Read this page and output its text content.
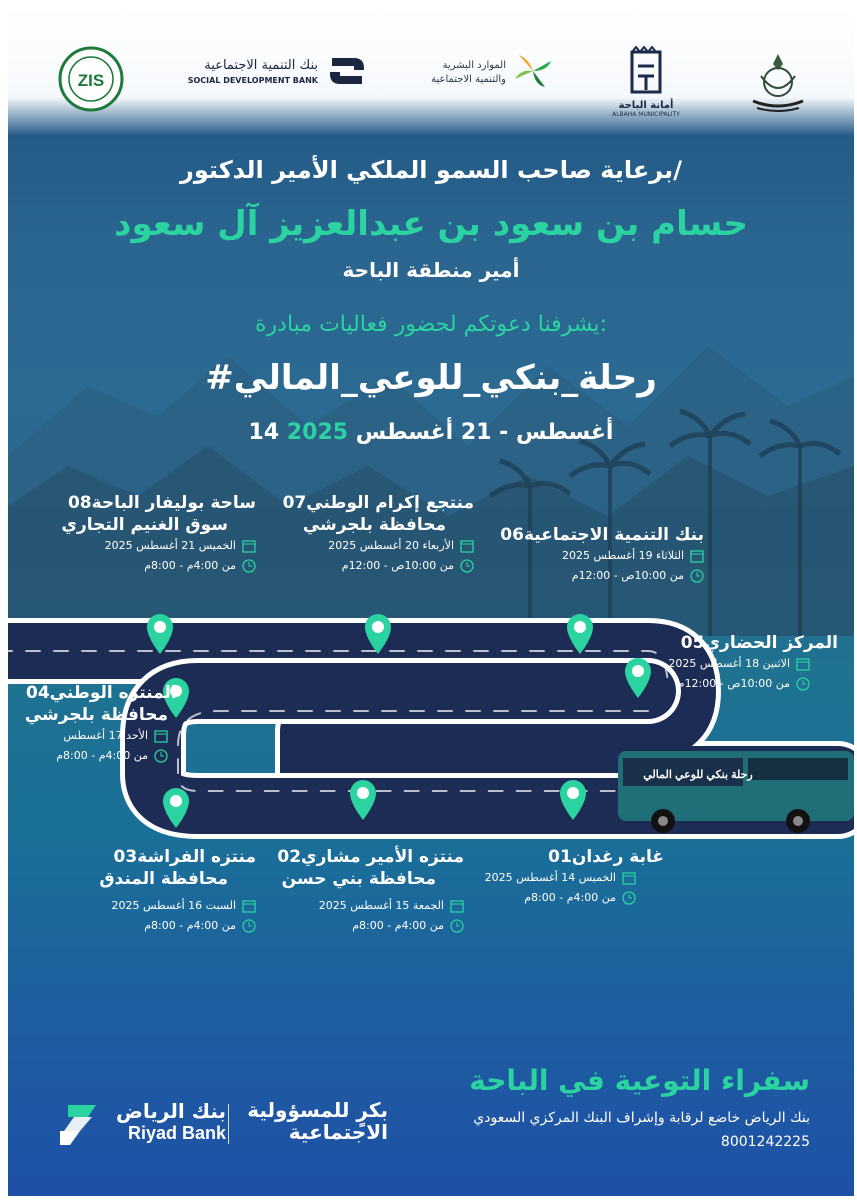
أمانة الباحة
ALBAHA MUNICIPALITY
الموارد البشرية
والتنمية الاجتماعية
بنك التنمية الاجتماعية
SOCIAL DEVELOPMENT BANK
ZIS
برعاية صاحب السمو الملكي الأمير الدكتور/
حسام بن سعود بن عبدالعزيز آل سعود
أمير منطقة الباحة
يشرفنا دعوتكم لحضور فعاليات مبادرة:
#رحلة_بنكي_للوعي_المالي
14 أغسطس - 21 أغسطس 2025
رحلة بنكي للوعي المالي
ساحة بوليفار الباحة08
سوق الغنيم التجاري
الخميس 21 أغسطس 2025
من 4:00م - 8:00م
منتجع إكرام الوطني07
محافظة بلجرشي
الأربعاء 20 أغسطس 2025
من 10:00ص - 12:00م
بنك التنمية الاجتماعية06
الثلاثاء 19 أغسطس 2025
من 10:00ص - 12:00م
المركز الحضاري05
الاثنين 18 أغسطس 2025
من 10:00ص - 12:00م
المنتزه الوطني04
محافظة بلجرشي
الأحد 17 أغسطس
من 4:00م - 8:00م
منتزه الفراشة03
محافظة المندق
السبت 16 أغسطس 2025
من 4:00م - 8:00م
منتزه الأمير مشاري02
محافظة بني حسن
الجمعة 15 أغسطس 2025
من 4:00م - 8:00م
غابة رغدان01
الخميس 14 أغسطس 2025
من 4:00م - 8:00م
سفراء التوعية في الباحة
بنك الرياض خاضع لرقابة وإشراف البنك المركزي السعودي
8001242225
بكرٍ للمسؤولية
الاجتماعية
بنك الرياض
Riyad Bank
